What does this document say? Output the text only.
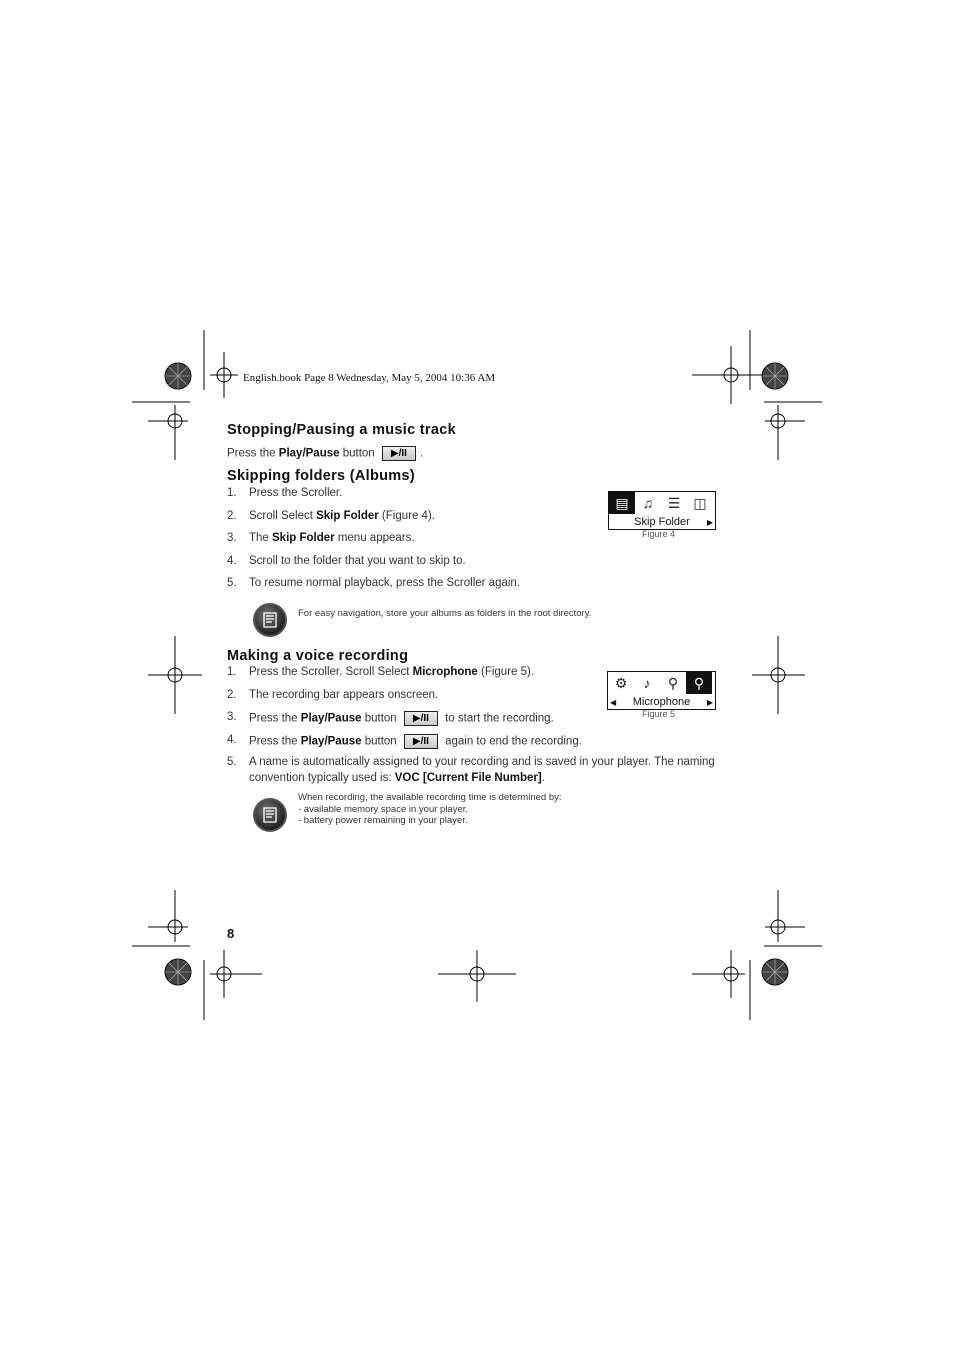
English.book Page 8 Wednesday, May 5, 2004 10:36 AM
Stopping/Pausing a music track
Press the Play/Pause button ▶/II .
Skipping folders (Albums)
1. Press the Scroller.
2. Scroll Select Skip Folder (Figure 4).
3. The Skip Folder menu appears.
4. Scroll to the folder that you want to skip to.
5. To resume normal playback, press the Scroller again.
▤	♫	☰ ◫
Skip Folder	▶
Figure 4
For easy navigation, store your albums as folders in the root directory.
Making a voice recording
1. Press the Scroller. Scroll Select Microphone (Figure 5).
2. The recording bar appears onscreen.
3. Press the Play/Pause button ▶/II to start the recording.
4. Press the Play/Pause button ▶/II again to end the recording.
5. A name is automatically assigned to your recording and is saved in your player. The naming
convention typically used is: VOC [Current File Number].
⚙	♪	⚲	⚲
Microphone
◀	▶
Figure 5
When recording, the available recording time is determined by:
- available memory space in your player.
- battery power remaining in your player.
8
